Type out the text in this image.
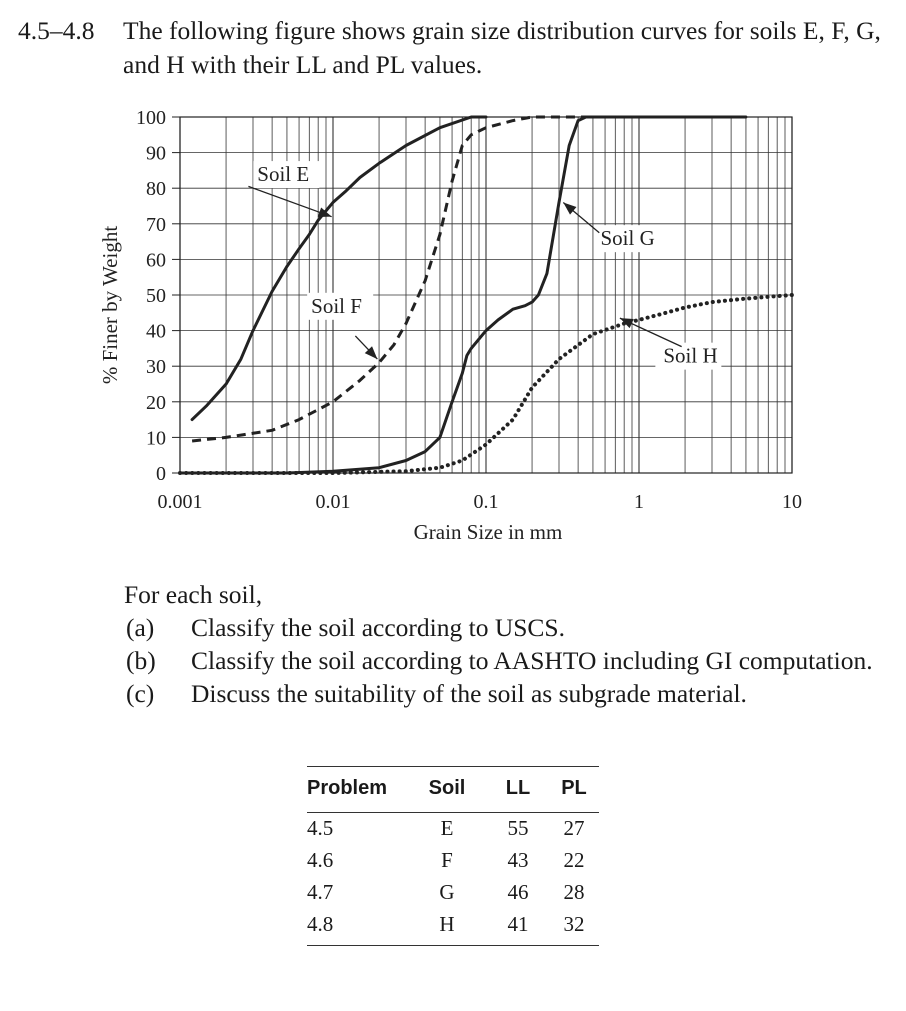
4.5–4.8 The following figure shows grain size distribution curves for soils E, F, G, and H with their LL and PL values.
0
10
20
30
40
50
60
70
80
90
100
0.001	0.01	0.1	1	10
Grain Size in mm
% Finer by Weight
Soil E
Soil F
Soil G
Soil H
For each soil,
(a)	Classify the soil according to USCS.
(b)	Classify the soil according to AASHTO including GI computation.
(c)	Discuss the suitability of the soil as subgrade material.
Problem	Soil	LL	PL
4.5	E	55	27
4.6	F	43	22
4.7	G	46	28
4.8	H	41	32
